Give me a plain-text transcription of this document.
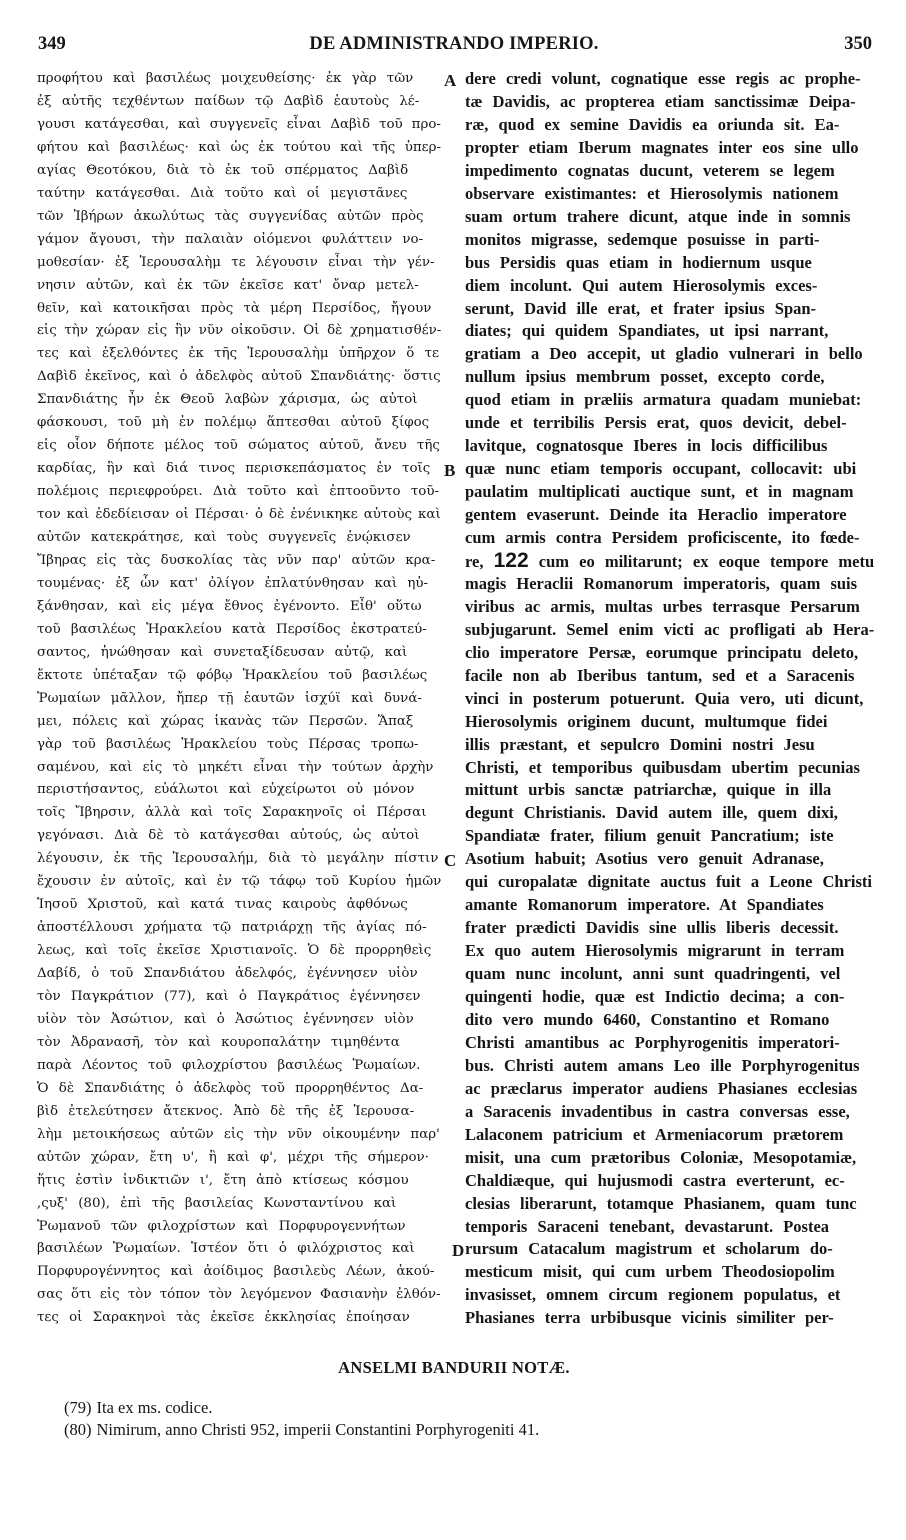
349	DE ADMINISTRANDO IMPERIO.	350
προφήτου καὶ βασιλέως μοιχευθείσης· ἐκ γὰρ τῶν
ἐξ αὐτῆς τεχθέντων παίδων τῷ Δαβὶδ ἑαυτοὺς λέ-
γουσι κατάγεσθαι, καὶ συγγενεῖς εἶναι Δαβὶδ τοῦ προ-
φήτου καὶ βασιλέως· καὶ ὡς ἐκ τούτου καὶ τῆς ὑπερ-
αγίας Θεοτόκου, διὰ τὸ ἐκ τοῦ σπέρματος Δαβὶδ
ταύτην κατάγεσθαι. Διὰ τοῦτο καὶ οἱ μεγιστᾶνες
τῶν Ἰβήρων ἀκωλύτως τὰς συγγενίδας αὐτῶν πρὸς
γάμον ἄγουσι, τὴν παλαιὰν οἰόμενοι φυλάττειν νο-
μοθεσίαν· ἐξ Ἱερουσαλὴμ τε λέγουσιν εἶναι τὴν γέν-
νησιν αὐτῶν, καὶ ἐκ τῶν ἐκεῖσε κατ' ὄναρ μετελ-
θεῖν, καὶ κατοικῆσαι πρὸς τὰ μέρη Περσίδος, ἤγουν
εἰς τὴν χώραν εἰς ἣν νῦν οἰκοῦσιν. Οἱ δὲ χρηματισθέν-
τες καὶ ἐξελθόντες ἐκ τῆς Ἱερουσαλὴμ ὑπῆρχον ὅ τε
Δαβὶδ ἐκεῖνος, καὶ ὁ ἀδελφὸς αὐτοῦ Σπανδιάτης· ὅστις
Σπανδιάτης ἦν ἐκ Θεοῦ λαβὼν χάρισμα, ὡς αὐτοὶ
φάσκουσι, τοῦ μὴ ἐν πολέμῳ ἅπτεσθαι αὐτοῦ ξίφος
εἰς οἷον δήποτε μέλος τοῦ σώματος αὐτοῦ, ἄνευ τῆς
καρδίας, ἣν καὶ διά τινος περισκεπάσματος ἐν τοῖς
πολέμοις περιεφρούρει. Διὰ τοῦτο καὶ ἐπτοοῦντο τοῦ-
τον καὶ ἐδεδίεισαν οἱ Πέρσαι· ὁ δὲ ἐνένικηκε αὐτοὺς καὶ
αὐτῶν κατεκράτησε, καὶ τοὺς συγγενεῖς ἐνῴκισεν
Ἴβηρας εἰς τὰς δυσκολίας τὰς νῦν παρ' αὐτῶν κρα-
τουμένας· ἐξ ὧν κατ' ὀλίγον ἐπλατύνθησαν καὶ ηὐ-
ξάνθησαν, καὶ εἰς μέγα ἔθνος ἐγένοντο. Εἶθ' οὕτω
τοῦ βασιλέως Ἡρακλείου κατὰ Περσίδος ἐκστρατεύ-
σαντος, ἡνώθησαν καὶ συνεταξίδευσαν αὐτῷ, καὶ
ἔκτοτε ὑπέταξαν τῷ φόβῳ Ἡρακλείου τοῦ βασιλέως
Ῥωμαίων μᾶλλον, ἤπερ τῇ ἑαυτῶν ἰσχύϊ καὶ δυνά-
μει, πόλεις καὶ χώρας ἱκανὰς τῶν Περσῶν. Ἅπαξ
γὰρ τοῦ βασιλέως Ἡρακλείου τοὺς Πέρσας τροπω-
σαμένου, καὶ εἰς τὸ μηκέτι εἶναι τὴν τούτων ἀρχὴν
περιστήσαντος, εὐάλωτοι καὶ εὐχείρωτοι οὐ μόνον
τοῖς Ἴβηρσιν, ἀλλὰ καὶ τοῖς Σαρακηνοῖς οἱ Πέρσαι
γεγόνασι. Διὰ δὲ τὸ κατάγεσθαι αὐτούς, ὡς αὐτοὶ
λέγουσιν, ἐκ τῆς Ἱερουσαλήμ, διὰ τὸ μεγάλην πίστιν
ἔχουσιν ἐν αὐτοῖς, καὶ ἐν τῷ τάφῳ τοῦ Κυρίου ἡμῶν
Ἰησοῦ Χριστοῦ, καὶ κατά τινας καιροὺς ἀφθόνως
ἀποστέλλουσι χρήματα τῷ πατριάρχῃ τῆς ἁγίας πό-
λεως, καὶ τοῖς ἐκεῖσε Χριστιανοῖς. Ὁ δὲ προρρηθεὶς
Δαβίδ, ὁ τοῦ Σπανδιάτου ἀδελφός, ἐγέννησεν υἱὸν
τὸν Παγκράτιον (77), καὶ ὁ Παγκράτιος ἐγέννησεν
υἱὸν τὸν Ἀσώτιον, καὶ ὁ Ἀσώτιος ἐγέννησεν υἱὸν
τὸν Ἀδρανασῆ, τὸν καὶ κουροπαλάτην τιμηθέντα
παρὰ Λέοντος τοῦ φιλοχρίστου βασιλέως Ῥωμαίων.
Ὁ δὲ Σπανδιάτης ὁ ἀδελφὸς τοῦ προρρηθέντος Δα-
βὶδ ἐτελεύτησεν ἄτεκνος. Ἀπὸ δὲ τῆς ἐξ Ἱερουσα-
λὴμ μετοικήσεως αὐτῶν εἰς τὴν νῦν οἰκουμένην παρ'
αὐτῶν χώραν, ἔτη υ', ἢ καὶ φ', μέχρι τῆς σήμερον·
ἥτις ἐστὶν ἰνδικτιῶν ι', ἔτη ἀπὸ κτίσεως κόσμου
,ςυξ' (80), ἐπὶ τῆς βασιλείας Κωνσταντίνου καὶ
Ῥωμανοῦ τῶν φιλοχρίστων καὶ Πορφυρογεννήτων
βασιλέων Ῥωμαίων. Ἰστέον ὅτι ὁ φιλόχριστος καὶ
Πορφυρογέννητος καὶ ἀοίδιμος βασιλεὺς Λέων, ἀκού-
σας ὅτι εἰς τὸν τόπον τὸν λεγόμενον Φασιανὴν ἐλθόν-
τες οἱ Σαρακηνοὶ τὰς ἐκεῖσε ἐκκλησίας ἐποίησαν
A
B
C
D
dere credi volunt, cognatique esse regis ac prophe-
tæ Davidis, ac propterea etiam sanctissimæ Deipa-
ræ, quod ex semine Davidis ea oriunda sit. Ea-
propter etiam Iberum magnates inter eos sine ullo
impedimento cognatas ducunt, veterem se legem
observare existimantes: et Hierosolymis nationem
suam ortum trahere dicunt, atque inde in somnis
monitos migrasse, sedemque posuisse in parti-
bus Persidis quas etiam in hodiernum usque
diem incolunt. Qui autem Hierosolymis exces-
serunt, David ille erat, et frater ipsius Span-
diates; qui quidem Spandiates, ut ipsi narrant,
gratiam a Deo accepit, ut gladio vulnerari in bello
nullum ipsius membrum posset, excepto corde,
quod etiam in præliis armatura quadam muniebat:
unde et terribilis Persis erat, quos devicit, debel-
lavitque, cognatosque Iberes in locis difficilibus
quæ nunc etiam temporis occupant, collocavit: ubi
paulatim multiplicati auctique sunt, et in magnam
gentem evaserunt. Deinde ita Heraclio imperatore
cum armis contra Persidem proficiscente, ito fœde-
re, 122 cum eo militarunt; ex eoque tempore metu
magis Heraclii Romanorum imperatoris, quam suis
viribus ac armis, multas urbes terrasque Persarum
subjugarunt. Semel enim victi ac profligati ab Hera-
clio imperatore Persæ, eorumque principatu deleto,
facile non ab Iberibus tantum, sed et a Saracenis
vinci in posterum potuerunt. Quia vero, uti dicunt,
Hierosolymis originem ducunt, multumque fidei
illis præstant, et sepulcro Domini nostri Jesu
Christi, et temporibus quibusdam ubertim pecunias
mittunt urbis sanctæ patriarchæ, quique in illa
degunt Christianis. David autem ille, quem dixi,
Spandiatæ frater, filium genuit Pancratium; iste
Asotium habuit; Asotius vero genuit Adranase,
qui curopalatæ dignitate auctus fuit a Leone Christi
amante Romanorum imperatore. At Spandiates
frater prædicti Davidis sine ullis liberis decessit.
Ex quo autem Hierosolymis migrarunt in terram
quam nunc incolunt, anni sunt quadringenti, vel
quingenti hodie, quæ est Indictio decima; a con-
dito vero mundo 6460, Constantino et Romano
Christi amantibus ac Porphyrogenitis imperatori-
bus. Christi autem amans Leo ille Porphyrogenitus
ac præclarus imperator audiens Phasianes ecclesias
a Saracenis invadentibus in castra conversas esse,
Lalaconem patricium et Armeniacorum prætorem
misit, una cum prætoribus Coloniæ, Mesopotamiæ,
Chaldiæque, qui hujusmodi castra everterunt, ec-
clesias liberarunt, totamque Phasianem, quam tunc
temporis Saraceni tenebant, devastarunt. Postea
rursum Catacalum magistrum et scholarum do-
mesticum misit, qui cum urbem Theodosiopolim
invasisset, omnem circum regionem populatus, et
Phasianes terra urbibusque vicinis similiter per-
ANSELMI BANDURII NOTÆ.
(79) Ita ex ms. codice.
(80) Nimirum, anno Christi 952, imperii Constantini Porphyrogeniti 41.
